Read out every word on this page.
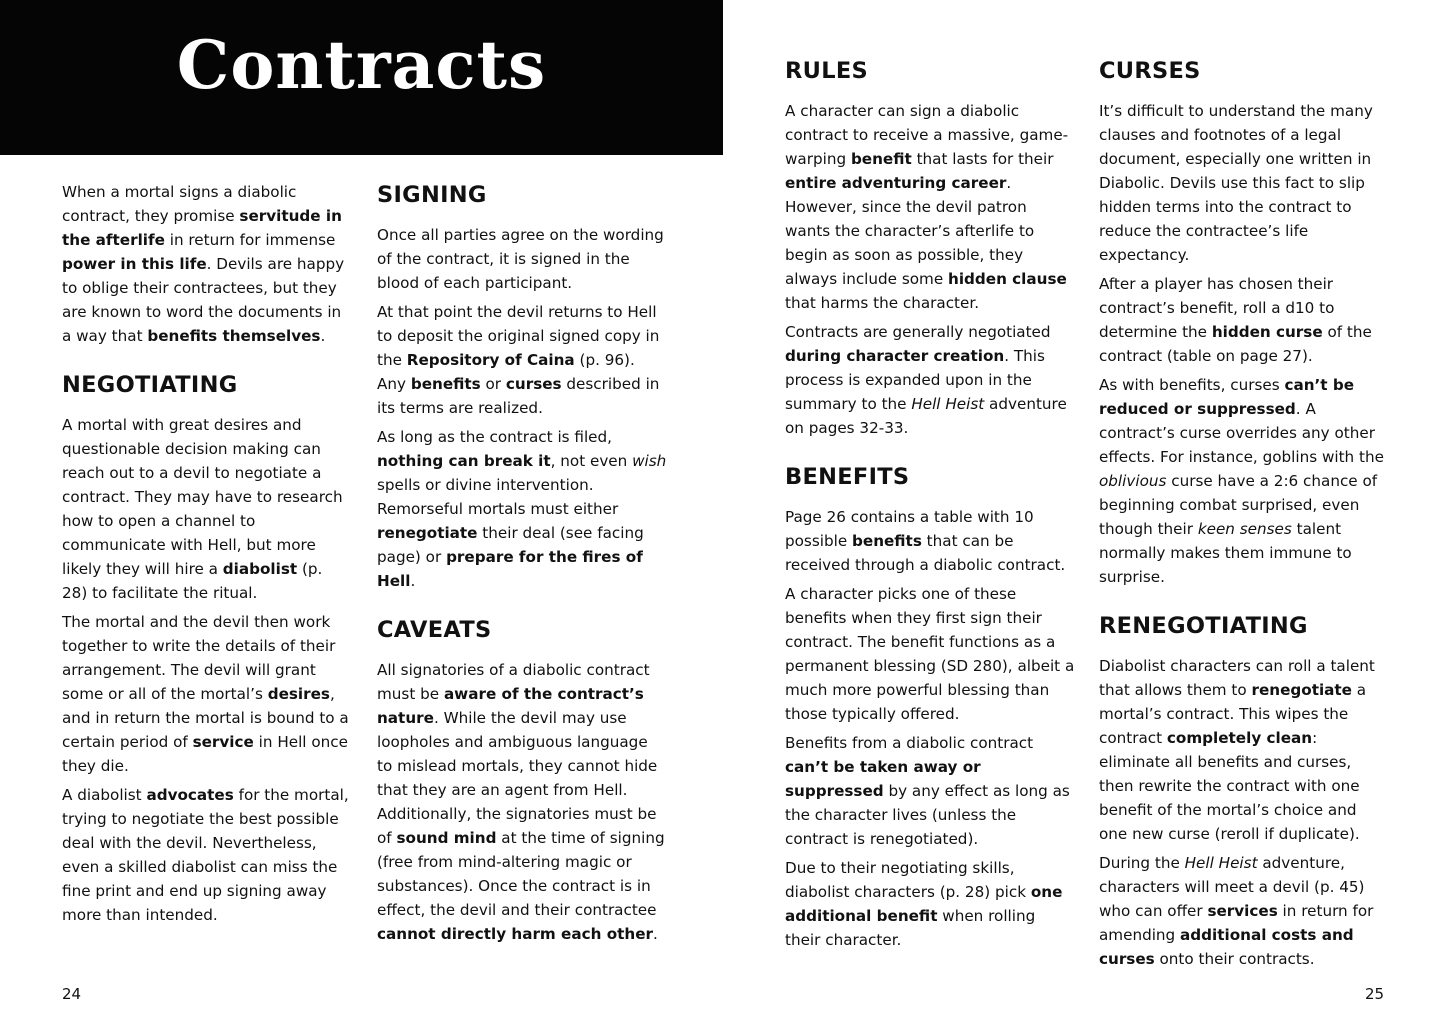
Contracts

When a mortal signs a diabolic contract, they promise servitude in the afterlife in return for immense power in this life. Devils are happy to oblige their contractees, but they are known to word the documents in a way that benefits themselves.

NEGOTIATING

A mortal with great desires and questionable decision making can reach out to a devil to negotiate a contract. They may have to research how to open a channel to communicate with Hell, but more likely they will hire a diabolist (p. 28) to facilitate the ritual.

The mortal and the devil then work together to write the details of their arrangement. The devil will grant some or all of the mortal’s desires, and in return the mortal is bound to a certain period of service in Hell once they die.

A diabolist advocates for the mortal, trying to negotiate the best possible deal with the devil. Nevertheless, even a skilled diabolist can miss the fine print and end up signing away more than intended.

SIGNING

Once all parties agree on the wording of the contract, it is signed in the blood of each participant.

At that point the devil returns to Hell to deposit the original signed copy in the Repository of Caina (p. 96). Any benefits or curses described in its terms are realized.

As long as the contract is filed, nothing can break it, not even wish spells or divine intervention. Remorseful mortals must either renegotiate their deal (see facing page) or prepare for the fires of Hell.

CAVEATS

All signatories of a diabolic contract must be aware of the contract’s nature. While the devil may use loopholes and ambiguous language to mislead mortals, they cannot hide that they are an agent from Hell. Additionally, the signatories must be of sound mind at the time of signing (free from mind-altering magic or substances). Once the contract is in effect, the devil and their contractee cannot directly harm each other.

RULES

A character can sign a diabolic contract to receive a massive, game-warping benefit that lasts for their entire adventuring career. However, since the devil patron wants the character’s afterlife to begin as soon as possible, they always include some hidden clause that harms the character.

Contracts are generally negotiated during character creation. This process is expanded upon in the summary to the Hell Heist adventure on pages 32-33.

BENEFITS

Page 26 contains a table with 10 possible benefits that can be received through a diabolic contract.

A character picks one of these benefits when they first sign their contract. The benefit functions as a permanent blessing (SD 280), albeit a much more powerful blessing than those typically offered.

Benefits from a diabolic contract can’t be taken away or suppressed by any effect as long as the character lives (unless the contract is renegotiated).

Due to their negotiating skills, diabolist characters (p. 28) pick one additional benefit when rolling their character.

CURSES

It’s difficult to understand the many clauses and footnotes of a legal document, especially one written in Diabolic. Devils use this fact to slip hidden terms into the contract to reduce the contractee’s life expectancy.

After a player has chosen their contract’s benefit, roll a d10 to determine the hidden curse of the contract (table on page 27).

As with benefits, curses can’t be reduced or suppressed. A contract’s curse overrides any other effects. For instance, goblins with the oblivious curse have a 2:6 chance of beginning combat surprised, even though their keen senses talent normally makes them immune to surprise.

RENEGOTIATING

Diabolist characters can roll a talent that allows them to renegotiate a mortal’s contract. This wipes the contract completely clean: eliminate all benefits and curses, then rewrite the contract with one benefit of the mortal’s choice and one new curse (reroll if duplicate).

During the Hell Heist adventure, characters will meet a devil (p. 45) who can offer services in return for amending additional costs and curses onto their contracts.

24	25
